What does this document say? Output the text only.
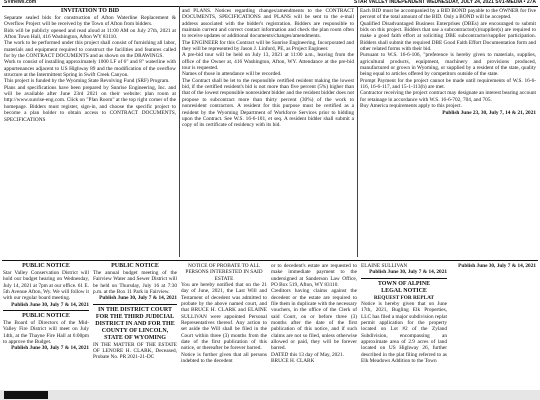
SVInews.com	STAR VALLEY INDEPENDENT WEDNESDAY, JULY 24, 2021 SV1-MEDIA • 27A

INVITATION TO BID

Separate sealed bids for construction of Afton Waterline Replacement & Overflow Project will be received by the Town of Afton from bidders.

Bids will be publicly opened and read aloud at 11:00 AM on July 27th, 2021 at Afton Town Hall, 416 Washington, Afton WY 83110.

The work to be performed under this project shall consist of furnishing all labor, materials and equipment required to construct the facilities and features called for by the CONTRACT DOCUMENTS and as shown on the DRAWINGS.

Work to consist of installing approximately 1000 LF of 6" and 8" waterline with appurtenances adjacent to US Highway 89 and the modification of the overflow structure at the Intermittent Spring in Swift Creek Canyon.

This project is funded by the Wyoming State Revolving Fund (SRF) Program.

Plans and specifications have been prepared by Sunrise Engineering, Inc. and will be available after June 23rd 2021 on their website: plan room at http://www.sunrise-eng.com. Click on "Plan Room" at the top right corner of the homepage. Bidders must register, sign-in, and choose the specific project to become a plan holder to obtain access to CONTRACT DOCUMENTS, SPECIFICATIONS

and PLANS. Notices regarding changes/amendments to the CONTRACT DOCUMENTS, SPECIFICATIONS and PLANS will be sent to the e-mail address associated with the bidder's registration. Bidders are responsible to maintain current and correct contact information and check the plan room often to receive updates or additional documents/changes/amendments.

The ENGINEER for this Contract will be Sunrise Engineering, Incorporated and they will be represented by Jason J. Linford, PE, as Project Engineer.

A pre-bid tour will be held on July 13, 2021 at 11:00 a.m., leaving from the office of the Owner at, 416 Washington, Afton, WY. Attendance at the pre-bid tour is requested.

Names of those in attendance will be recorded.

The Contract shall be let to the responsible certified resident making the lowest bid, if the certified resident's bid is not more than five percent (5%) higher than that of the lowest responsible nonresident bidder and the resident bidder does not propose to subcontract more than thirty percent (30%) of the work to nonresident contractors. A resident for this purpose must be certified as a resident by the Wyoming Department of Workforce Services prior to bidding upon the Contract. See W.S. 16-6-101, et seq. A resident bidder shall submit a copy of its certificate of residency with its bid.

Each BID must be accompanied by a BID BOND payable to the OWNER for five percent of the total amount of the BID. Only a BOND will be accepted.

Qualified Disadvantaged Business Enterprises (DBEs) are encouraged to submit bids on this project. Bidders that use a subcontractor(s)/supplier(s) are required to make a good faith effort at soliciting DBE subcontractor/supplier participation. Bidders shall submit the required DBE Good Faith Effort Documentation form and other related forms with their bid.

Pursuant to W.S. 16-6-106, "preference is hereby given to materials, supplies, agricultural products, equipment, machinery and provisions produced, manufactured or grown in Wyoming, or supplied by a resident of the state, quality being equal to articles offered by competitors outside of the state.

Prompt Payment for the project cannot be made until requirements of W.S. 16-6-116, 16-6-117, and 15-1-113(h) are met.

Contractor receiving the project contract may designate an interest bearing account for retainage in accordance with W.S. 16-6-702, 704, and 705.

Buy America requirements apply to this project.

Publish June 23, 30, July 7, 14 & 21, 2021

PUBLIC NOTICE

Star Valley Conservation District will hold our budget hearing on Wednesday, July 14, 2021 at 7pm at our office. 61 E. 5th Avenue Afton, Wy. We will follow it with our regular board meeting.

Publish June 30, July 7 & 14, 2021

PUBLIC NOTICE

The Board of Directors of the Mid-Valley Fire District will meet on July 14th, at the Thayne Fire Hall at 6:00pm to approve the Budget.

Publish June 30, July 7 & 14, 2021

PUBLIC NOTICE

The annual budget meeting of the Fairview Water and Sewer District will be held on Thursday, July 16 at 7:30 p.m. at the Box 11 Park in Fairview.

Publish June 30, July 7 & 14, 2021

IN THE DISTRICT COURT FOR THE THIRD JUDICIAL DISTRICT IN AND FOR THE COUNTY OF LINCOLN, STATE OF WYOMING

IN THE MATTER OF THE ESTATE OF LENORE H. CLARK, Deceased, Probate No. PR 2021-21-DC

NOTICE OF PROBATE TO ALL PERSONS INTERESTED IN SAID ESTATE

You are hereby notified that on the 21 day of June, 2021, the Last Will and Testament of decedent was admitted to probate by the above named court, and that BRUCE H. CLARK and ELAINE SULLIVAN were appointed Personal Representatives thereof. Any action to set aside the Will shall be filed in the Court within three (3) months from the date of the first publication of this notice, or thereafter be forever barred.

Notice is further given that all persons indebted to the decedent

or to decedent's estate are requested to make immediate payment to the undersigned at Sanderson Law Office, PO Box 519, Afton, WY 83110.

Creditors having claims against the decedent or the estate are required to file them in duplicate with the necessary vouchers, in the office of the Clerk of said Court, on or before three (3) months after the date of the first publication of this notice, and if such claims are not so filed, unless otherwise allowed or paid, they will be forever barred.

DATED this 13 day of May, 2021.

BRUCE H. CLARK

ELAINE SULLIVAN

Publish June 30, July 7 & 14, 2021

TOWN OF ALPINE

LEGAL NOTICE

REQUEST FOR REPLAT

Notice is hereby given that on June 17th, 2021, Bugling Elk Properties, LLC has filed a major subdivision replat permit application for the property located on Lot #2 of the Zyland Subdivision, encompassing an approximate area of 2.9 acres of land located on US Highway 26, further described in the plat filing referred to as Elk Meadows Addition to the Town

Publish June 30, July 7 & 14, 2021
